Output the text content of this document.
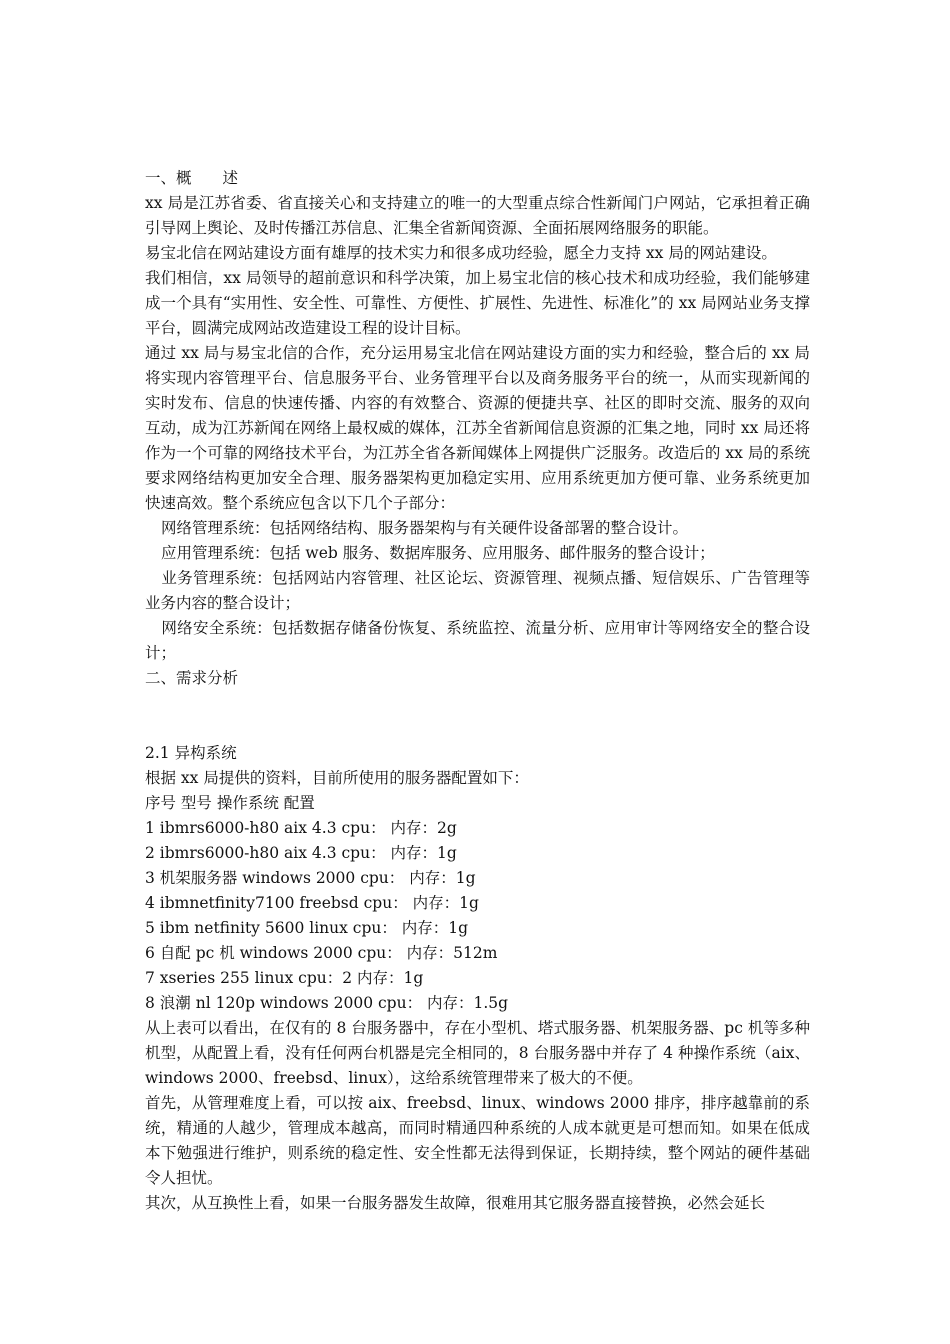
一、概　　述

xx 局是江苏省委、省直接关心和支持建立的唯一的大型重点综合性新闻门户网站，它承担着正确引导网上舆论、及时传播江苏信息、汇集全省新闻资源、全面拓展网络服务的职能。

易宝北信在网站建设方面有雄厚的技术实力和很多成功经验，愿全力支持 xx 局的网站建设。

我们相信，xx 局领导的超前意识和科学决策，加上易宝北信的核心技术和成功经验，我们能够建成一个具有“实用性、安全性、可靠性、方便性、扩展性、先进性、标准化”的 xx 局网站业务支撑平台，圆满完成网站改造建设工程的设计目标。

通过 xx 局与易宝北信的合作，充分运用易宝北信在网站建设方面的实力和经验，整合后的 xx 局将实现内容管理平台、信息服务平台、业务管理平台以及商务服务平台的统一，从而实现新闻的实时发布、信息的快速传播、内容的有效整合、资源的便捷共享、社区的即时交流、服务的双向互动，成为江苏新闻在网络上最权威的媒体，江苏全省新闻信息资源的汇集之地，同时 xx 局还将作为一个可靠的网络技术平台，为江苏全省各新闻媒体上网提供广泛服务。改造后的 xx 局的系统要求网络结构更加安全合理、服务器架构更加稳定实用、应用系统更加方便可靠、业务系统更加快速高效。整个系统应包含以下几个子部分：

网络管理系统：包括网络结构、服务器架构与有关硬件设备部署的整合设计。

应用管理系统：包括 web 服务、数据库服务、应用服务、邮件服务的整合设计；

业务管理系统：包括网站内容管理、社区论坛、资源管理、视频点播、短信娱乐、广告管理等业务内容的整合设计；

网络安全系统：包括数据存储备份恢复、系统监控、流量分析、应用审计等网络安全的整合设计；

二、需求分析

2.1 异构系统

根据 xx 局提供的资料，目前所使用的服务器配置如下：

序号 型号 操作系统 配置

1 ibmrs6000-h80 aix 4.3 cpu： 内存：2g

2 ibmrs6000-h80 aix 4.3 cpu： 内存：1g

3 机架服务器 windows 2000 cpu： 内存：1g

4 ibmnetfinity7100 freebsd cpu： 内存：1g

5 ibm netfinity 5600 linux cpu： 内存：1g

6 自配 pc 机 windows 2000 cpu： 内存：512m

7 xseries 255 linux cpu：2 内存：1g

8 浪潮 nl 120p windows 2000 cpu： 内存：1.5g

从上表可以看出，在仅有的 8 台服务器中，存在小型机、塔式服务器、机架服务器、pc 机等多种机型，从配置上看，没有任何两台机器是完全相同的，8 台服务器中并存了 4 种操作系统（aix、windows 2000、freebsd、linux），这给系统管理带来了极大的不便。

首先，从管理难度上看，可以按 aix、freebsd、linux、windows 2000 排序，排序越靠前的系统，精通的人越少，管理成本越高，而同时精通四种系统的人成本就更是可想而知。如果在低成本下勉强进行维护，则系统的稳定性、安全性都无法得到保证，长期持续，整个网站的硬件基础令人担忧。

其次，从互换性上看，如果一台服务器发生故障，很难用其它服务器直接替换，必然会延长
